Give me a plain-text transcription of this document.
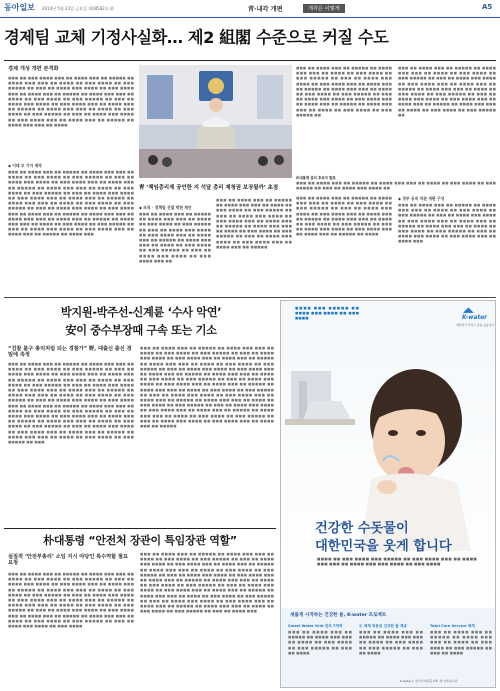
동아일보 2014년 5월 23일 금요일 제28582호 ㉻	靑·내각 개편	개각은 이렇게	A5
경제팀 교체 기정사실화… 제2 組閣 수준으로 커질 수도
경제 개성 개편 본격화
■■■ ■■ ■■■ ■■■■ ■■■ ■■ ■■■■ ■■■ ■■ ■■■■■ ■■ ■■■■ ■■■ ■■■ ■■ ■■■■ ■■ ■■■ ■■■■ ■■ ■■■ ■■■■■ ■■ ■■■ ■■ ■■■■ ■■■ ■■■■ ■■ ■■■ ■■■■ ■■■ ■■ ■■■■ ■■■ ■■ ■■■■■ ■■ ■■■■ ■■■ ■■■ ■■ ■■■■ ■■ ■■■ ■■■■ ■■ ■■■ ■■■■■ ■■ ■■■ ■■ ■■■■ ■■■ ■■■■ ■■ ■■■ ■■■■ ■■■ ■■ ■■■■ ■■■ ■■ ■■■■■ ■■ ■■■■ ■■■ ■■■ ■■ ■■■■ ■■ ■■■ ■■■■ ■■ ■■■ ■■■■■ ■■ ■■■ ■■ ■■■■ ■■■ ■■■■ ■■ ■■■ ■■■■ ■■■ ■■ ■■■■ ■■■ ■■ ■■■■■ ■■ ■■■■ ■■■ ■■■ ■■ ■■■■
◆ 이태 모 기자 제작
■■■ ■■ ■■■■ ■■■ ■■ ■■■■■ ■■ ■■■■ ■■■ ■■■ ■■ ■■■■ ■■ ■■■ ■■■■ ■■ ■■■ ■■■■■ ■■ ■■■ ■■ ■■■■ ■■■ ■■■■ ■■ ■■■ ■■■■ ■■■ ■■ ■■■■ ■■■ ■■ ■■■■■ ■■ ■■■■ ■■■ ■■■ ■■ ■■■■ ■■ ■■■ ■■■■ ■■ ■■■ ■■■■■ ■■ ■■■ ■■ ■■■■ ■■■ ■■■■ ■■ ■■■ ■■■■ ■■■ ■■ ■■■■ ■■■ ■■ ■■■■■ ■■ ■■■■ ■■■ ■■■ ■■ ■■■■ ■■ ■■■ ■■■■ ■■ ■■■ ■■■■■ ■■ ■■■ ■■ ■■■■ ■■■ ■■■■ ■■ ■■■ ■■■■ ■■■ ■■ ■■■■ ■■■ ■■ ■■■■■ ■■ ■■■■ ■■■ ■■■ ■■ ■■■■ ■■■ ■■■ ■■ ■■■■ ■■■ ■■ ■■■■■ ■■ ■■■■ ■■■ ■■■ ■■ ■■■■ ■■ ■■■ ■■■■ ■■ ■■■ ■■■■■ ■■ ■■■ ■■ ■■■■ ■■■ ■■■■ ■■ ■■■ ■■■■ ■■■ ■■ ■■■■ ■■■ ■■ ■■■■■ ■■ ■■■■ ■■■
■■■ ■■ ■■■■ ■■■ ■■ ■■■■■ ■■ ■■■■ ■■■ ■■■ ■■ ■■■■ ■■ ■■■ ■■■■ ■■ ■■■ ■■■■■ ■■ ■■■ ■■ ■■■■ ■■■ ■■■■ ■■ ■■■ ■■■■ ■■■ ■■ ■■■■ ■■■ ■■ ■■■■■ ■■ ■■■■ ■■■ ■■■ ■■ ■■■■ ■■ ■■■ ■■■■ ■■ ■■■ ■■■■■ ■■ ■■■ ■■ ■■■■ ■■■ ■■■■ ■■ ■■■ ■■■■ ■■■ ■■ ■■■■ ■■■ ■■ ■■■■■ ■■ ■■■■ ■■■ ■■■ ■■ ■■■■ ■■ ■■■ ■■■■ ■■ ■■■ ■■■■■ ■■
■■■ ■■ ■■■■ ■■■ ■■ ■■■■■ ■■ ■■■■ ■■■ ■■■ ■■ ■■■■ ■■ ■■■ ■■■■ ■■ ■■■ ■■■■■ ■■ ■■■ ■■ ■■■■ ■■■ ■■■■ ■■ ■■■ ■■■■ ■■■ ■■ ■■■■ ■■■ ■■ ■■■■■ ■■ ■■■■ ■■■ ■■■ ■■ ■■■■ ■■ ■■■ ■■■■ ■■ ■■■ ■■■■■ ■■ ■■■ ■■ ■■■■ ■■■ ■■■■ ■■ ■■■ ■■■■ ■■■ ■■ ■■■■ ■■■ ■■ ■■■■■ ■■ ■■■■ ■■■ ■■■ ■■ ■■■■ ■■ ■■■ ■■■■ ■■ ■■■ ■■■■■ ■■
朴대통령 총리 후보자 발표
■■■ ■■ ■■■■ ■■■ ■■ ■■■■■ ■■ ■■■■ ■■■ ■■■ ■■ ■■■■ ■■ ■■■ ■■■■ ■■ ■■■ ■■■■■ ■■ ■■■ ■■ ■■■■ ■■■ ■■■■ ■■
靑 ‘책임총리제 공언한 지 석달 총리 제청권 보장될까’ 초점
◆ 조직 · 정책팀 진열 박한 제안
■■■ ■■ ■■■■ ■■■ ■■ ■■■■■ ■■ ■■■■ ■■■ ■■■ ■■ ■■■■ ■■ ■■■ ■■■■ ■■ ■■■ ■■■■■ ■■ ■■■ ■■ ■■■■ ■■■ ■■■■ ■■ ■■■ ■■■■ ■■■ ■■ ■■■■ ■■■ ■■ ■■■■■ ■■ ■■■■ ■■■ ■■■ ■■ ■■■■ ■■ ■■■ ■■■■ ■■ ■■■ ■■■■■ ■■ ■■■ ■■ ■■■■ ■■■ ■■■■ ■■ ■■■ ■■■■ ■■■ ■■
■■■ ■■ ■■■■ ■■■ ■■ ■■■■■ ■■ ■■■■ ■■■ ■■■ ■■ ■■■■ ■■ ■■■ ■■■■ ■■ ■■■ ■■■■■ ■■ ■■■ ■■ ■■■■ ■■■ ■■■■ ■■ ■■■ ■■■■ ■■■ ■■ ■■■■ ■■■ ■■ ■■■■■ ■■ ■■■■ ■■■ ■■■ ■■ ■■■■ ■■ ■■■ ■■■■ ■■ ■■■ ■■■■■ ■■ ■■■ ■■ ■■■■ ■■■ ■■■■ ■■ ■■■ ■■■■ ■■■ ■■ ■■■■ ■■■ ■■ ■■■■■
■■■ ■■ ■■■■ ■■■ ■■ ■■■■■ ■■ ■■■■ ■■■ ■■■ ■■ ■■■■ ■■ ■■■ ■■■■ ■■ ■■■ ■■■■■ ■■ ■■■ ■■ ■■■■ ■■■ ■■■■ ■■ ■■■ ■■■■ ■■■ ■■ ■■■■ ■■■ ■■ ■■■■■ ■■ ■■■■ ■■■ ■■■ ■■ ■■■■ ■■ ■■■ ■■■■ ■■ ■■■ ■■■■■ ■■ ■■■ ■■ ■■■■ ■■■ ■■■■ ■■ ■■■ ■■■■ ■■■ ■■ ■■■■ ■■■ ■■ ■■■■■ ■■ ■■■■
◆ 정부 공직 차관 개편 구성
■■■ ■■ ■■■■ ■■■ ■■ ■■■■■ ■■ ■■■■ ■■■ ■■■ ■■ ■■■■ ■■ ■■■ ■■■■ ■■ ■■■ ■■■■■ ■■ ■■■ ■■ ■■■■ ■■■ ■■■■ ■■ ■■■ ■■■■ ■■■ ■■ ■■■■ ■■■ ■■ ■■■■■ ■■ ■■■■ ■■■ ■■■ ■■ ■■■■ ■■ ■■■ ■■■■ ■■ ■■■ ■■■■■ ■■ ■■■ ■■ ■■■■ ■■■ ■■■■ ■■ ■■■ ■■■■ ■■■ ■■ ■■■■ ■■■
박지원-박주선-신계륜 ‘수사 악연’
安이 중수부장때 구속 또는 기소
“검찰 불구 총리처럼 되는 경찰가” 野, 대출신 출신 정밀에 측정
■■■ ■■ ■■■■ ■■■ ■■ ■■■■■ ■■ ■■■■ ■■■ ■■■ ■■ ■■■■ ■■ ■■■ ■■■■ ■■ ■■■ ■■■■■ ■■ ■■■ ■■ ■■■■ ■■■ ■■■■ ■■ ■■■ ■■■■ ■■■ ■■ ■■■■ ■■■ ■■ ■■■■■ ■■ ■■■■ ■■■ ■■■ ■■ ■■■■ ■■ ■■■ ■■■■ ■■ ■■■ ■■■■■ ■■ ■■■ ■■ ■■■■ ■■■ ■■■■ ■■ ■■■ ■■■■ ■■■ ■■ ■■■■ ■■■ ■■ ■■■■■ ■■ ■■■■ ■■■ ■■■ ■■ ■■■■ ■■ ■■■ ■■■■ ■■ ■■■ ■■■■■ ■■ ■■■ ■■ ■■■■ ■■■ ■■■■ ■■ ■■■ ■■■■ ■■■ ■■ ■■■■ ■■■ ■■ ■■■■■ ■■ ■■■■ ■■■ ■■■ ■■ ■■■■ ■■ ■■■ ■■■■ ■■ ■■■ ■■■■■ ■■ ■■■ ■■ ■■■■ ■■■ ■■■■ ■■ ■■■ ■■■■ ■■■ ■■ ■■■■ ■■■ ■■ ■■■■■ ■■ ■■■■ ■■■ ■■■ ■■ ■■■■ ■■ ■■■ ■■■■ ■■ ■■■ ■■■■■ ■■ ■■■ ■■ ■■■■ ■■■ ■■■■ ■■ ■■■ ■■■■ ■■■ ■■ ■■■■ ■■■ ■■ ■■■■■ ■■ ■■■■ ■■■ ■■■ ■■ ■■■■ ■■ ■■■ ■■■■ ■■ ■■■ ■■■■■ ■■ ■■■
■■■ ■■ ■■■■ ■■■ ■■ ■■■■■ ■■ ■■■■ ■■■ ■■■ ■■ ■■■■ ■■ ■■■ ■■■■ ■■ ■■■ ■■■■■ ■■ ■■■ ■■ ■■■■ ■■■ ■■■■ ■■ ■■■ ■■■■ ■■■ ■■ ■■■■ ■■■ ■■ ■■■■■ ■■ ■■■■ ■■■ ■■■ ■■ ■■■■ ■■ ■■■ ■■■■ ■■ ■■■ ■■■■■ ■■ ■■■ ■■ ■■■■ ■■■ ■■■■ ■■ ■■■ ■■■■ ■■■ ■■ ■■■■ ■■■ ■■ ■■■■■ ■■ ■■■■ ■■■ ■■■ ■■ ■■■■ ■■ ■■■ ■■■■ ■■ ■■■ ■■■■■ ■■ ■■■ ■■ ■■■■ ■■■ ■■■■ ■■ ■■■ ■■■■ ■■■ ■■ ■■■■ ■■■ ■■ ■■■■■ ■■ ■■■■ ■■■ ■■■ ■■ ■■■■ ■■ ■■■ ■■■■ ■■ ■■■ ■■■■■ ■■ ■■■ ■■ ■■■■ ■■■ ■■■■ ■■ ■■■ ■■■■ ■■■ ■■ ■■■■ ■■■ ■■ ■■■■■ ■■ ■■■■ ■■■ ■■■ ■■ ■■■■ ■■ ■■■ ■■■■ ■■ ■■■ ■■■■■ ■■ ■■■ ■■ ■■■■ ■■■ ■■■■ ■■ ■■■ ■■■■ ■■■ ■■ ■■■■ ■■■ ■■ ■■■■■ ■■ ■■■■ ■■■ ■■■ ■■ ■■■■ ■■ ■■■ ■■■■ ■■ ■■■ ■■■■■ ■■ ■■■ ■■ ■■■■ ■■■ ■■■■ ■■ ■■■ ■■■■ ■■■ ■■ ■■■■ ■■■ ■■ ■■■■■
朴대통령 “안전처 장관이 특임장관 역할”
실질적 ‘안전부총리’ 소임 지시 야당인 특수역할 필요 요청
■■■ ■■ ■■■■ ■■■ ■■ ■■■■■ ■■ ■■■■ ■■■ ■■■ ■■ ■■■■ ■■ ■■■ ■■■■ ■■ ■■■ ■■■■■ ■■ ■■■ ■■ ■■■■ ■■■ ■■■■ ■■ ■■■ ■■■■ ■■■ ■■ ■■■■ ■■■ ■■ ■■■■■ ■■ ■■■■ ■■■ ■■■ ■■ ■■■■ ■■ ■■■ ■■■■ ■■ ■■■ ■■■■■ ■■ ■■■ ■■ ■■■■ ■■■ ■■■■ ■■ ■■■ ■■■■ ■■■ ■■ ■■■■ ■■■ ■■ ■■■■■ ■■ ■■■■ ■■■ ■■■ ■■ ■■■■ ■■ ■■■ ■■■■ ■■ ■■■ ■■■■■ ■■ ■■■ ■■ ■■■■ ■■■ ■■■■ ■■ ■■■ ■■■■ ■■■ ■■ ■■■■ ■■■ ■■ ■■■■■ ■■ ■■■■ ■■■ ■■■ ■■ ■■■■ ■■ ■■■ ■■■■ ■■ ■■■ ■■■■■ ■■ ■■■ ■■ ■■■■ ■■■ ■■■■ ■■ ■■■ ■■■■
■■■ ■■ ■■■■ ■■■ ■■ ■■■■■ ■■ ■■■■ ■■■ ■■■ ■■ ■■■■ ■■ ■■■ ■■■■ ■■ ■■■ ■■■■■ ■■ ■■■ ■■ ■■■■ ■■■ ■■■■ ■■ ■■■ ■■■■ ■■■ ■■ ■■■■ ■■■ ■■ ■■■■■ ■■ ■■■■ ■■■ ■■■ ■■ ■■■■ ■■ ■■■ ■■■■ ■■ ■■■ ■■■■■ ■■ ■■■ ■■ ■■■■ ■■■ ■■■■ ■■ ■■■ ■■■■ ■■■ ■■ ■■■■ ■■■ ■■ ■■■■■ ■■ ■■■■ ■■■ ■■■ ■■ ■■■■ ■■ ■■■ ■■■■ ■■ ■■■ ■■■■■ ■■ ■■■ ■■ ■■■■ ■■■ ■■■■ ■■ ■■■ ■■■■ ■■■ ■■ ■■■■ ■■■ ■■ ■■■■■ ■■ ■■■■ ■■■ ■■■ ■■ ■■■■ ■■ ■■■ ■■■■ ■■ ■■■ ■■■■■ ■■ ■■■ ■■ ■■■■ ■■■ ■■■■ ■■ ■■■ ■■■■ ■■■ ■■ ■■■■ ■■■ ■■ ■■■■■ ■■ ■■■■ ■■■ ■■■ ■■ ■■■■ ■■ ■■■ ■■■■ ■■ ■■■ ■■■■■ ■■ ■■■ ■■ ■■■■ ■■■
■■■■ ■■■ ■■■■■ ■■ ■■■■ ■■■ ■■■■ ■■ ■■■ ■■■■
◢◣
K-water
대한민국 가지고 물을 싶습니다
건강한 수돗물이
대한민국을 웃게 합니다
■■■■ ■■ ■■■ ■■■■ ■■■ ■■■■■ ■■ ■■■ ■■■■ ■■■ ■■ ■■■■ ■■■ ■■■ ■■ ■■■■ ■■■ ■■■ ■■■■ ■■ ■■■ ■■■■
새롭게 시작하는 건강한 물, K-water 프로젝트
Smart Water Grid 전자 7개역
■■■ ■■ ■■■■ ■■■ ■■ ■■■■■ ■■ ■■■■ ■■■ ■■■ ■■ ■■■■ ■■ ■■■ ■■■■ ■■ ■■■ ■■■■■ ■■ ■■■ ■■ ■■■■
도 체계 적용된 건강한 물 제공
■■■ ■■ ■■■■ ■■■ ■■ ■■■■■ ■■ ■■■■ ■■■ ■■■ ■■ ■■■■ ■■ ■■■ ■■■■ ■■ ■■■ ■■■■■ ■■ ■■■ ■■ ■■■■
Total Care Service 체계
■■■ ■■ ■■■■ ■■■ ■■ ■■■■■ ■■ ■■■■ ■■■ ■■■ ■■ ■■■■ ■■ ■■■ ■■■■ ■■ ■■■ ■■■■■ ■■ ■■■ ■■ ■■■■
K-water는 한국수자원공사의 새 이름입니다
